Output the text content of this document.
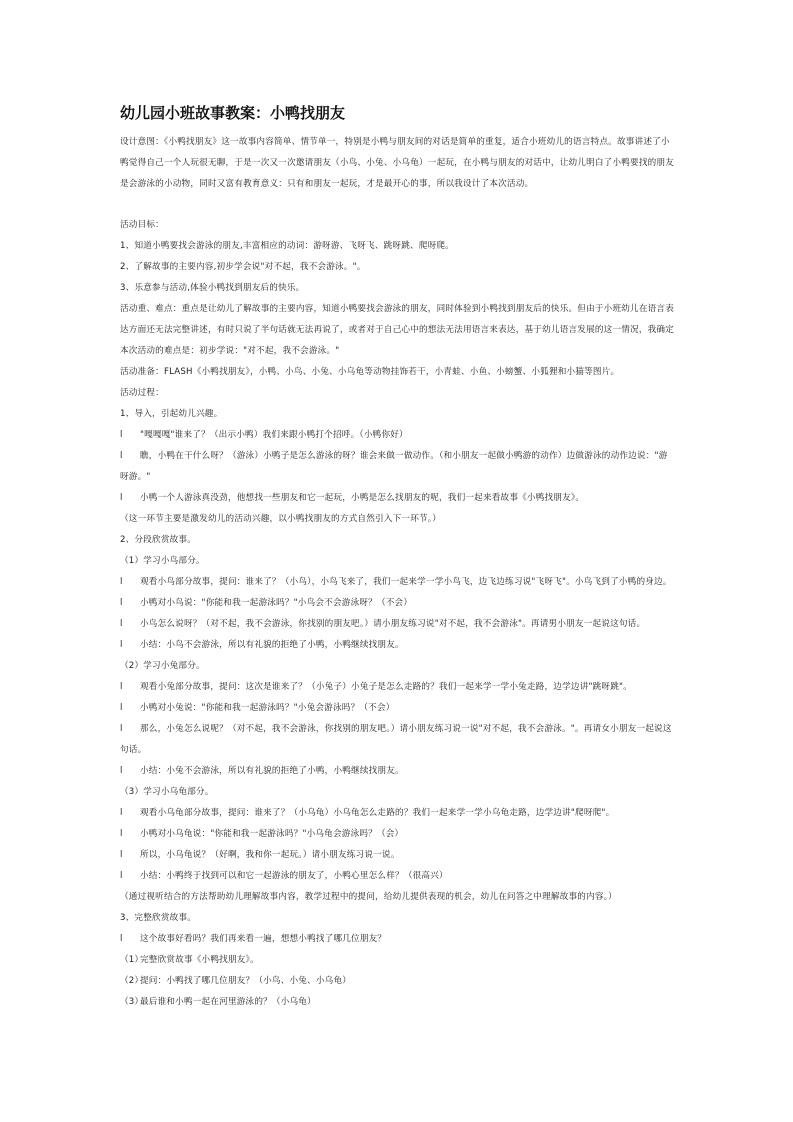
幼儿园小班故事教案：小鸭找朋友

设计意图：《小鸭找朋友》这一故事内容简单、情节单一，特别是小鸭与朋友间的对话是简单的重复，适合小班幼儿的语言特点。故事讲述了小鸭觉得自己一个人玩很无聊，于是一次又一次邀请朋友（小鸟、小兔、小乌龟）一起玩，在小鸭与朋友的对话中，让幼儿明白了小鸭要找的朋友是会游泳的小动物，同时又富有教育意义：只有和朋友一起玩，才是最开心的事，所以我设计了本次活动。

活动目标：

1、知道小鸭要找会游泳的朋友,丰富相应的动词：游呀游、飞呀飞、跳呀跳、爬呀爬。

2、了解故事的主要内容,初步学会说"对不起，我不会游泳。"。

3、乐意参与活动,体验小鸭找到朋友后的快乐。

活动重、难点：重点是让幼儿了解故事的主要内容，知道小鸭要找会游泳的朋友，同时体验到小鸭找到朋友后的快乐。但由于小班幼儿在语言表达方面还无法完整讲述，有时只说了半句话就无法再说了，或者对于自己心中的想法无法用语言来表达，基于幼儿语言发展的这一情况，我确定本次活动的难点是：初步学说："对不起，我不会游泳。"

活动准备：FLASH《小鸭找朋友》，小鸭、小鸟、小兔、小乌龟等动物挂饰若干，小青蛙、小鱼、小螃蟹、小狐狸和小猫等图片。

活动过程：

1、导入，引起幼儿兴趣。

l "嘎嘎嘎"谁来了？（出示小鸭）我们来跟小鸭打个招呼。（小鸭你好）

l 瞧，小鸭在干什么呀？（游泳）小鸭子是怎么游泳的呀？谁会来做一做动作。（和小朋友一起做小鸭游的动作）边做游泳的动作边说："游呀游。"

l 小鸭一个人游泳真没劲，他想找一些朋友和它一起玩，小鸭是怎么找朋友的呢，我们一起来看故事《小鸭找朋友》。

（这一环节主要是激发幼儿的活动兴趣，以小鸭找朋友的方式自然引入下一环节。）

2、分段欣赏故事。

（1）学习小鸟部分。

l 观看小鸟部分故事，提问：谁来了？（小鸟），小鸟飞来了，我们一起来学一学小鸟飞，边飞边练习说"飞呀飞"。小鸟飞到了小鸭的身边。

l 小鸭对小鸟说："你能和我一起游泳吗？"小鸟会不会游泳呀？（不会）

l 小鸟怎么说呀？（对不起，我不会游泳，你找别的朋友吧。）请小朋友练习说"对不起，我不会游泳"。再请男小朋友一起说这句话。

l 小结：小鸟不会游泳，所以有礼貌的拒绝了小鸭，小鸭继续找朋友。

（2）学习小兔部分。

l 观看小兔部分故事，提问：这次是谁来了？（小兔子）小兔子是怎么走路的？我们一起来学一学小兔走路，边学边讲"跳呀跳"。

l 小鸭对小兔说："你能和我一起游泳吗？"小兔会游泳吗？（不会）

l 那么，小兔怎么说呢？（对不起，我不会游泳，你找别的朋友吧。）请小朋友练习说一说"对不起，我不会游泳。"。再请女小朋友一起说这句话。

l 小结：小兔不会游泳，所以有礼貌的拒绝了小鸭，小鸭继续找朋友。

（3）学习小乌龟部分。

l 观看小乌龟部分故事，提问：谁来了？（小乌龟）小乌龟怎么走路的？我们一起来学一学小乌龟走路，边学边讲"爬呀爬"。

l 小鸭对小乌龟说："你能和我一起游泳吗？"小乌龟会游泳吗？（会）

l 所以，小乌龟说？（好啊，我和你一起玩。）请小朋友练习说一说。

l 小结：小鸭终于找到可以和它一起游泳的朋友了，小鸭心里怎么样？（很高兴）

（通过视听结合的方法帮助幼儿理解故事内容，教学过程中的提问，给幼儿提供表现的机会，幼儿在问答之中理解故事的内容。）

3、完整欣赏故事。

l 这个故事好看吗？我们再来看一遍，想想小鸭找了哪几位朋友？

（1）完整欣赏故事《小鸭找朋友》。

（2）提问：小鸭找了哪几位朋友？（小鸟、小兔、小乌龟）

（3）最后谁和小鸭一起在河里游泳的？（小乌龟）
